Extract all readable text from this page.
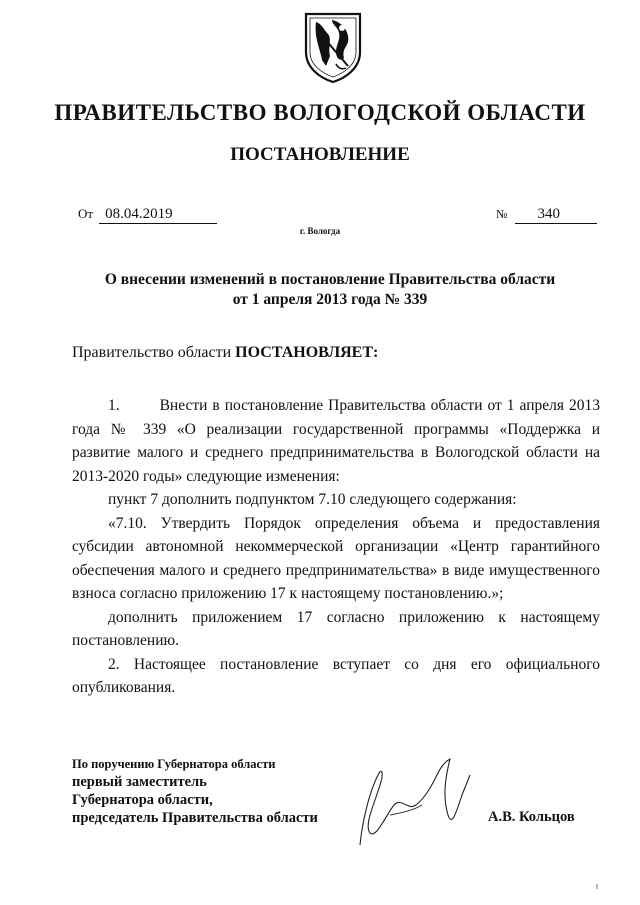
ПРАВИТЕЛЬСТВО ВОЛОГОДСКОЙ ОБЛАСТИ
ПОСТАНОВЛЕНИЕ
От 08.04.2019	№ 340
г. Вологда
О внесении изменений в постановление Правительства области
от 1 апреля 2013 года № 339
Правительство области ПОСТАНОВЛЯЕТ:

1.	Внести в постановление Правительства области от 1 апреля 2013 года № 339 «О реализации государственной программы «Поддержка и развитие малого и среднего предпринимательства в Вологодской области на 2013-2020 годы» следующие изменения:

пункт 7 дополнить подпунктом 7.10 следующего содержания:

«7.10. Утвердить Порядок определения объема и предоставления субсидии автономной некоммерческой организации «Центр гарантийного обеспечения малого и среднего предпринимательства» в виде имущественного взноса согласно приложению 17 к настоящему постановлению.»;

дополнить приложением 17 согласно приложению к настоящему постановлению.

2. Настоящее постановление вступает со дня его официального опубликования.

По поручению Губернатора области
первый заместитель
Губернатора области,
председатель Правительства области	А.В. Кольцов
